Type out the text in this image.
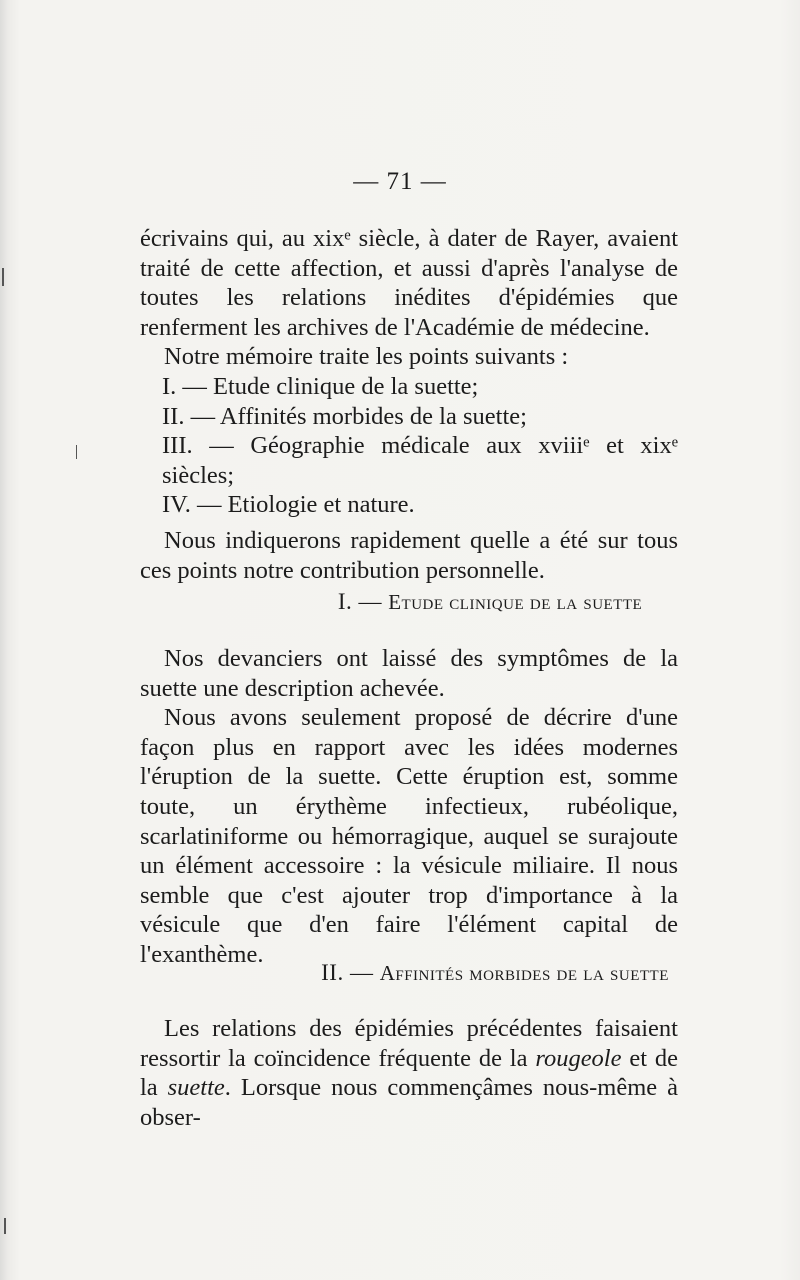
— 71 —

écrivains qui, au xixᵉ siècle, à dater de Rayer, avaient traité de cette affection, et aussi d'après l'analyse de toutes les relations inédites d'épidémies que renferment les archives de l'Académie de médecine.

Notre mémoire traite les points suivants :

I. — Etude clinique de la suette;

II. — Affinités morbides de la suette;

III. — Géographie médicale aux xviiiᵉ et xixᵉ siècles;

IV. — Etiologie et nature.

Nous indiquerons rapidement quelle a été sur tous ces points notre contribution personnelle.

I. — Etude clinique de la suette

Nos devanciers ont laissé des symptômes de la suette une description achevée.

Nous avons seulement proposé de décrire d'une façon plus en rapport avec les idées modernes l'éruption de la suette. Cette éruption est, somme toute, un érythème infectieux, rubéolique, scarlatiniforme ou hémorragique, auquel se surajoute un élément accessoire : la vésicule miliaire. Il nous semble que c'est ajouter trop d'importance à la vésicule que d'en faire l'élément capital de l'exanthème.

II. — Affinités morbides de la suette

Les relations des épidémies précédentes faisaient ressortir la coïncidence fréquente de la rougeole et de la suette. Lorsque nous commençâmes nous-même à obser-
